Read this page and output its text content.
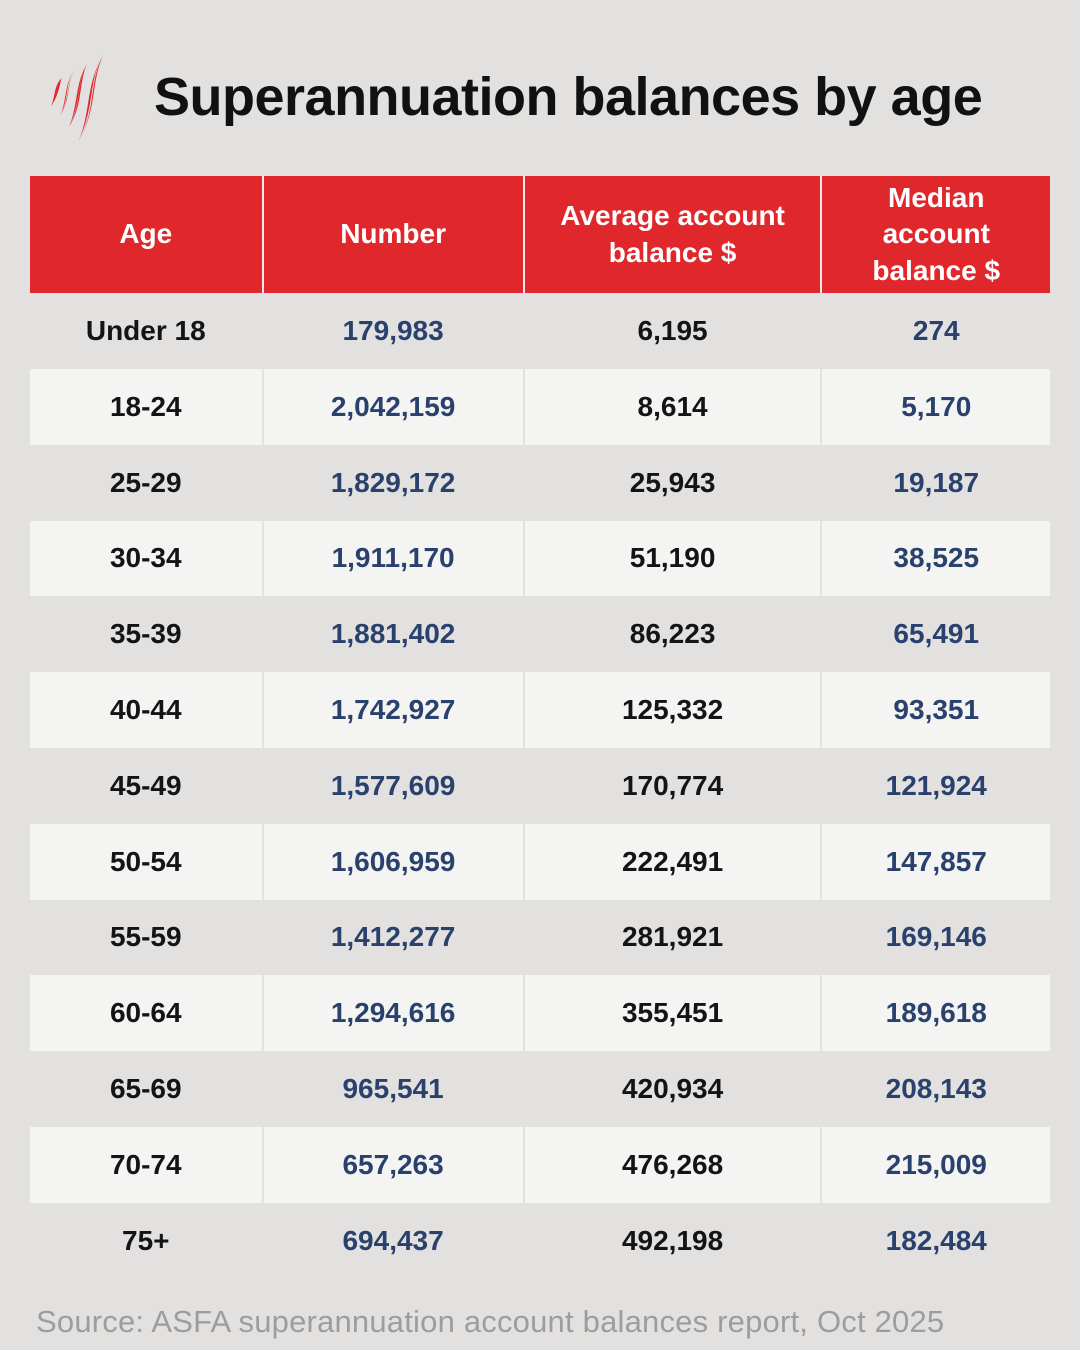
Superannuation balances by age
Age	Number	Average account balance $	Median account balance $
Under 18	179,983	6,195	274
18-24	2,042,159	8,614	5,170
25-29	1,829,172	25,943	19,187
30-34	1,911,170	51,190	38,525
35-39	1,881,402	86,223	65,491
40-44	1,742,927	125,332	93,351
45-49	1,577,609	170,774	121,924
50-54	1,606,959	222,491	147,857
55-59	1,412,277	281,921	169,146
60-64	1,294,616	355,451	189,618
65-69	965,541	420,934	208,143
70-74	657,263	476,268	215,009
75+	694,437	492,198	182,484
Source: ASFA superannuation account balances report, Oct 2025
